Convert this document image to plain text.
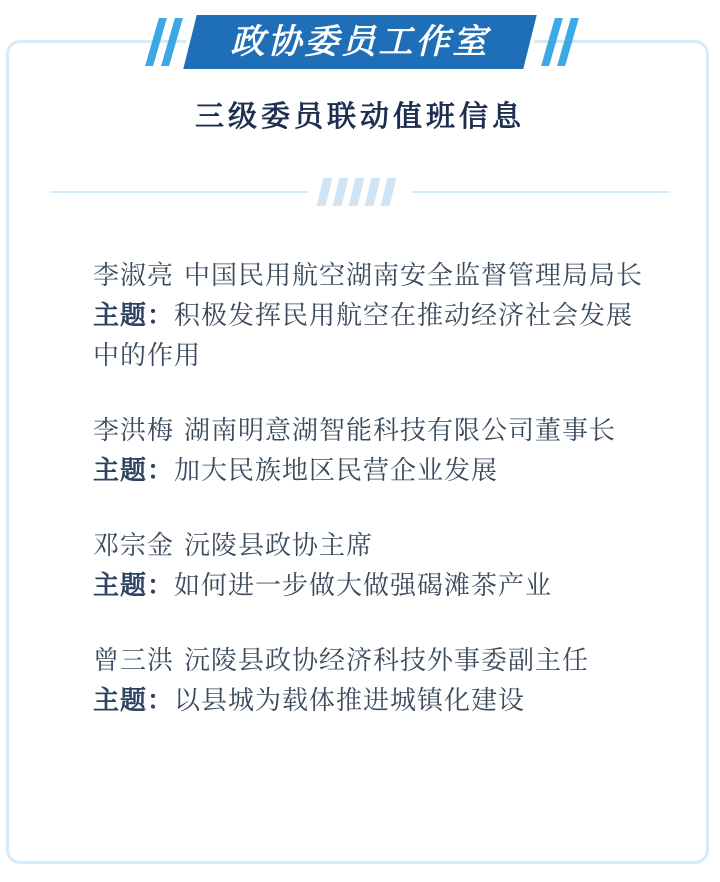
政协委员工作室
三级委员联动值班信息
李淑亮 中国民用航空湖南安全监督管理局局长
主题：积极发挥民用航空在推动经济社会发展中的作用
李洪梅 湖南明意湖智能科技有限公司董事长
主题：加大民族地区民营企业发展
邓宗金 沅陵县政协主席
主题：如何进一步做大做强碣滩茶产业
曾三洪 沅陵县政协经济科技外事委副主任
主题：以县城为载体推进城镇化建设
